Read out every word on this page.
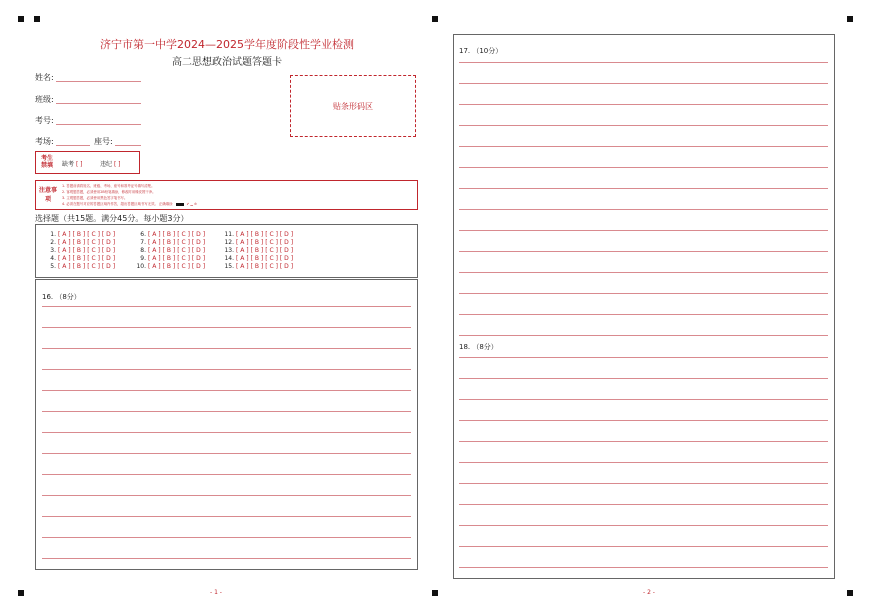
济宁市第一中学2024—2025学年度阶段性学业检测
高二思想政治试题答题卡
姓名:
班级:
考号:
考场:	座号:
贴条形码区
考生禁填	缺考 [ ]	违纪 [ ]
注意事项
1. 答题前请将姓名、班级、考场、座号和准考证号填写清楚。
2. 客观题答题，必须使用2B铅笔填涂，修改时用橡皮擦干净。
3. 主观题答题，必须使用黑色签字笔书写。
4. 必须在题号对应的答题区域内作答，超出答题区域书写无效。 正确填涂	✔ ▁ ⊘
选择题（共15题。满分45分。每小题3分）
1. [ A ] [ B ] [ C ] [ D ]
2. [ A ] [ B ] [ C ] [ D ]
3. [ A ] [ B ] [ C ] [ D ]
4. [ A ] [ B ] [ C ] [ D ]
5. [ A ] [ B ] [ C ] [ D ]
6. [ A ] [ B ] [ C ] [ D ]
7. [ A ] [ B ] [ C ] [ D ]
8. [ A ] [ B ] [ C ] [ D ]
9. [ A ] [ B ] [ C ] [ D ]
10. [ A ] [ B ] [ C ] [ D ]
11. [ A ] [ B ] [ C ] [ D ]
12. [ A ] [ B ] [ C ] [ D ]
13. [ A ] [ B ] [ C ] [ D ]
14. [ A ] [ B ] [ C ] [ D ]
15. [ A ] [ B ] [ C ] [ D ]
16. （8分）
- 1 -
17. （10分）
18. （8分）
- 2 -
